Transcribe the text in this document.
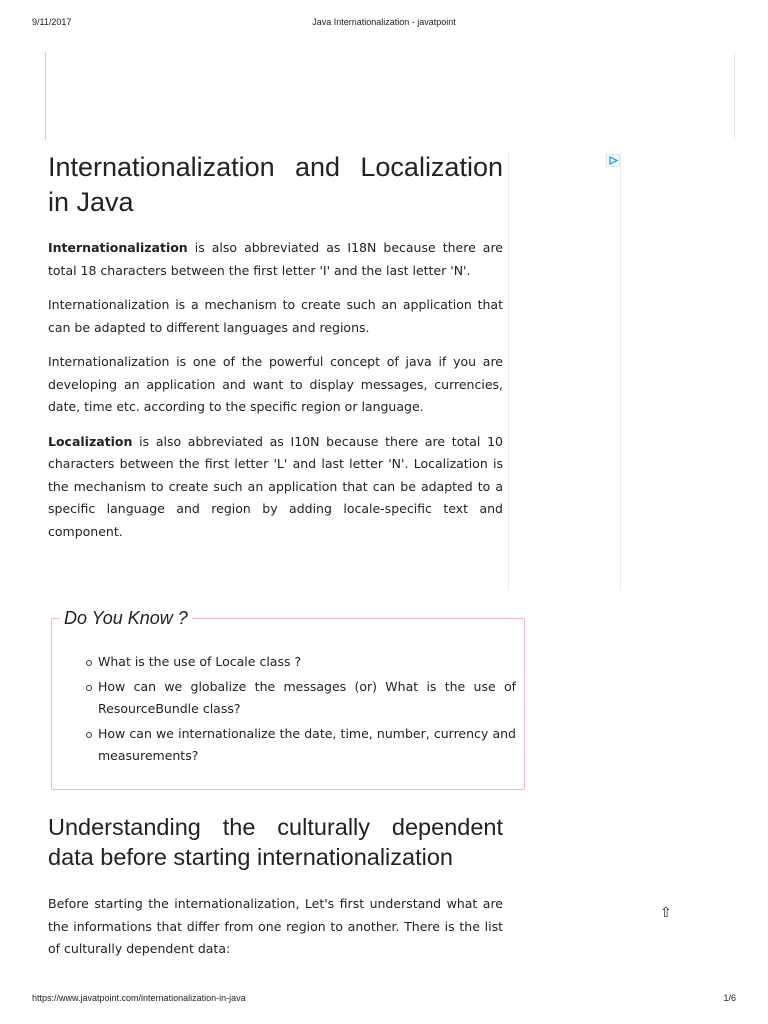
9/11/2017	Java Internationalization - javatpoint
Internationalization and Localization in Java

Internationalization is also abbreviated as I18N because there are total 18 characters between the first letter 'I' and the last letter 'N'.

Internationalization is a mechanism to create such an application that can be adapted to different languages and regions.

Internationalization is one of the powerful concept of java if you are developing an application and want to display messages, currencies, date, time etc. according to the specific region or language.

Localization is also abbreviated as I10N because there are total 10 characters between the first letter 'L' and last letter 'N'. Localization is the mechanism to create such an application that can be adapted to a specific language and region by adding locale-specific text and component.

Do You Know ?
What is the use of Locale class ?
How can we globalize the messages (or) What is the use of ResourceBundle class?
How can we internationalize the date, time, number, currency and measurements?
Understanding the culturally dependent data before starting internationalization

Before starting the internationalization, Let's first understand what are the informations that differ from one region to another. There is the list of culturally dependent data:

⇧
https://www.javatpoint.com/internationalization-in-java	1/6
